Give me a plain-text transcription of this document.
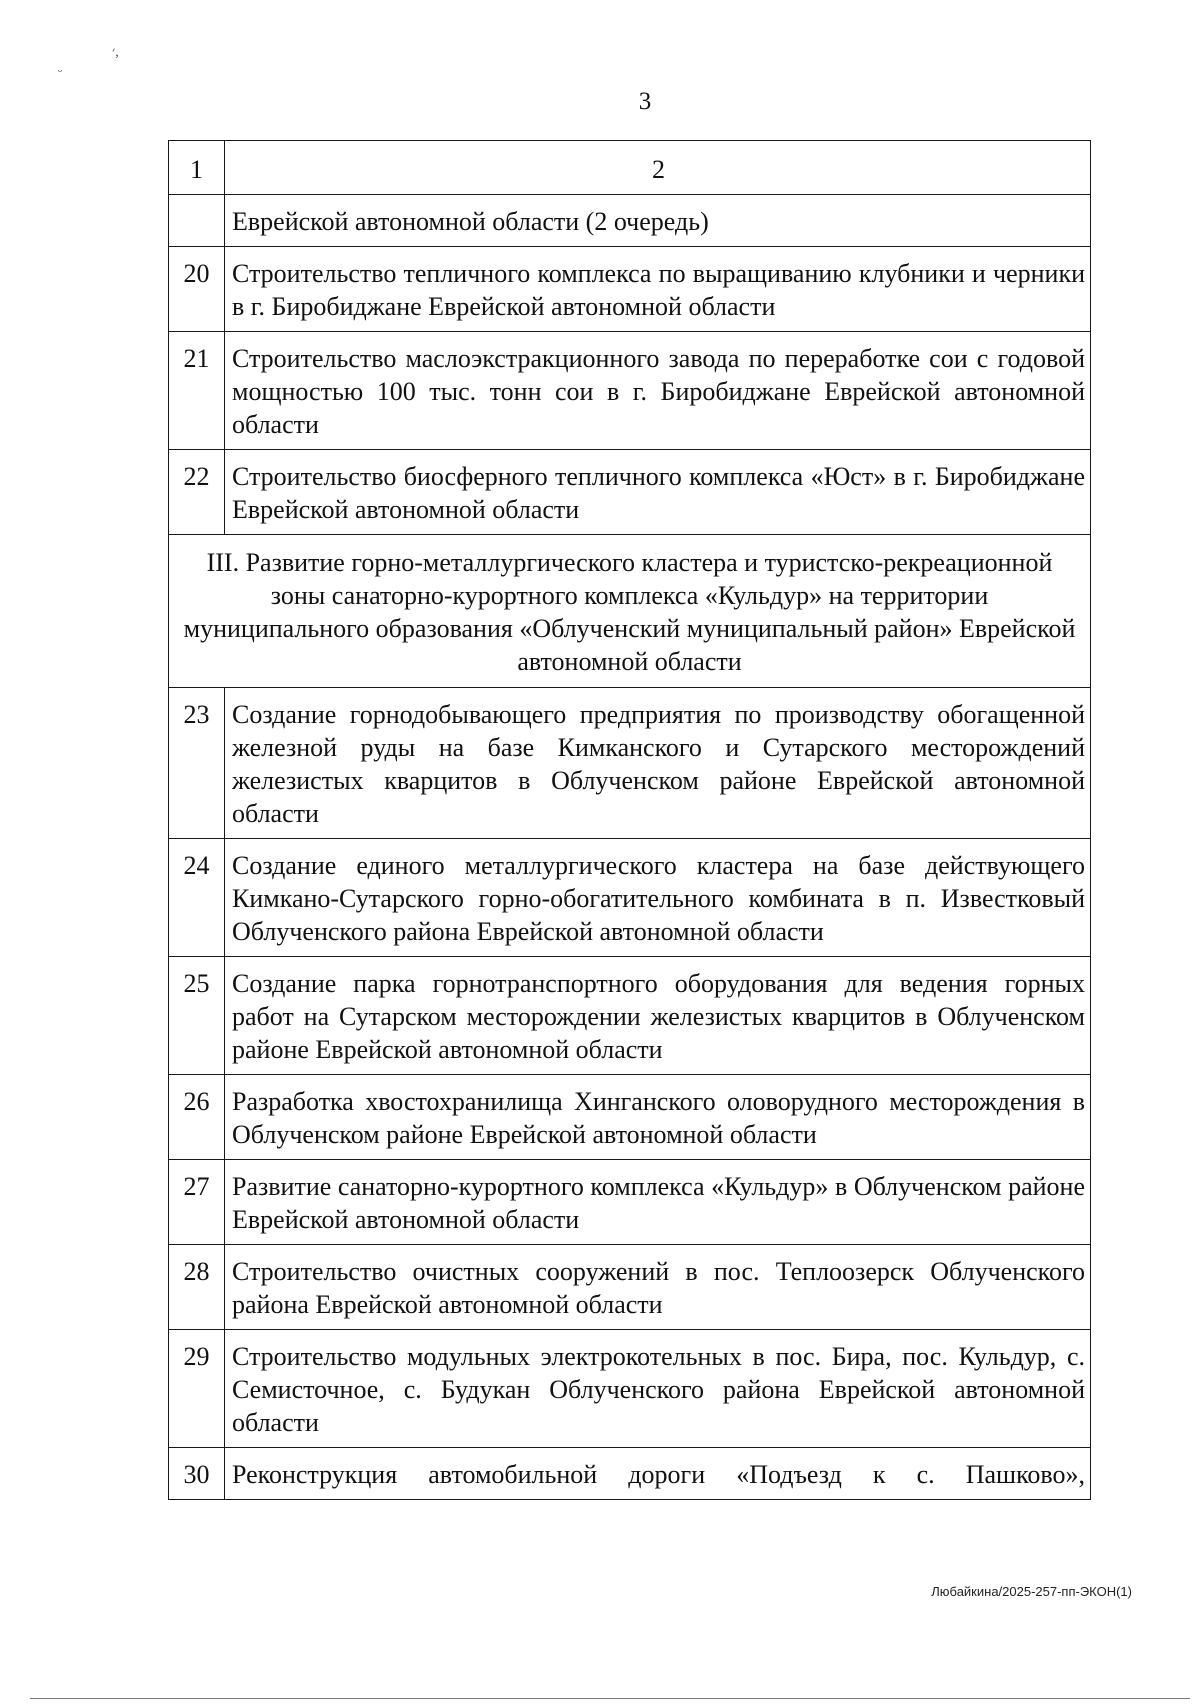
׳,
ᵕ
3
1	2
	Еврейской автономной области (2 очередь)
20	Строительство тепличного комплекса по выращиванию клубники и черники в г. Биробиджане Еврейской автономной области
21	Строительство маслоэкстракционного завода по переработке сои с годовой мощностью 100 тыс. тонн сои в г. Биробиджане Еврейской автономной области
22	Строительство биосферного тепличного комплекса «Юст» в г. Биробиджане Еврейской автономной области
III. Развитие горно-металлургического кластера и туристско-рекреационной зоны санаторно-курортного комплекса «Кульдур» на территории муниципального образования «Облученский муниципальный район» Еврейской автономной области	
23	Создание горнодобывающего предприятия по производству обогащенной железной руды на базе Кимканского и Сутарского месторождений железистых кварцитов в Облученском районе Еврейской автономной области
24	Создание единого металлургического кластера на базе действующего Кимкано-Сутарского горно-обогатительного комбината в п. Известковый Облученского района Еврейской автономной области
25	Создание парка горнотранспортного оборудования для ведения горных работ на Сутарском месторождении железистых кварцитов в Облученском районе Еврейской автономной области
26	Разработка хвостохранилища Хинганского оловорудного месторождения в Облученском районе Еврейской автономной области
27	Развитие санаторно-курортного комплекса «Кульдур» в Облученском районе Еврейской автономной области
28	Строительство очистных сооружений в пос. Теплоозерск Облученского района Еврейской автономной области
29	Строительство модульных электрокотельных в пос. Бира, пос. Кульдур, с. Семисточное, с. Будукан Облученского района Еврейской автономной области
30	Реконструкция автомобильной дороги «Подъезд к с. Пашково»,
Любайкина/2025-257-пп-ЭКОН(1)
